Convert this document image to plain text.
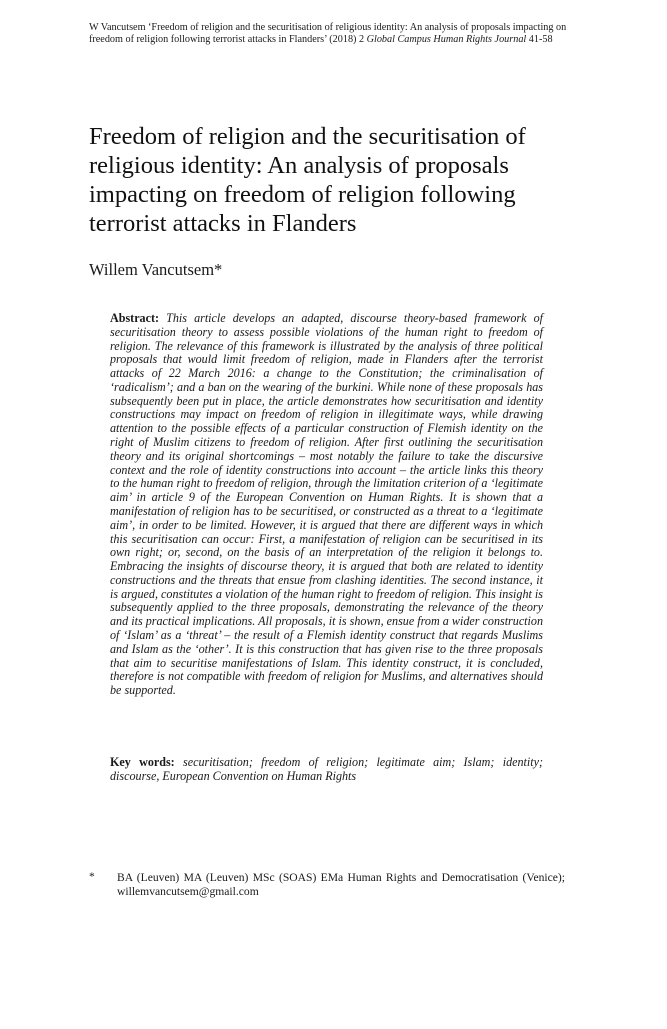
W Vancutsem ‘Freedom of religion and the securitisation of religious identity: An analysis of proposals impacting on freedom of religion following terrorist attacks in Flanders’ (2018) 2 Global Campus Human Rights Journal 41-58
Freedom of religion and the securitisation of religious identity: An analysis of proposals impacting on freedom of religion following terrorist attacks in Flanders
Willem Vancutsem*
Abstract: This article develops an adapted, discourse theory-based framework of securitisation theory to assess possible violations of the human right to freedom of religion. The relevance of this framework is illustrated by the analysis of three political proposals that would limit freedom of religion, made in Flanders after the terrorist attacks of 22 March 2016: a change to the Constitution; the criminalisation of ‘radicalism’; and a ban on the wearing of the burkini. While none of these proposals has subsequently been put in place, the article demonstrates how securitisation and identity constructions may impact on freedom of religion in illegitimate ways, while drawing attention to the possible effects of a particular construction of Flemish identity on the right of Muslim citizens to freedom of religion. After first outlining the securitisation theory and its original shortcomings – most notably the failure to take the discursive context and the role of identity constructions into account – the article links this theory to the human right to freedom of religion, through the limitation criterion of a ‘legitimate aim’ in article 9 of the European Convention on Human Rights. It is shown that a manifestation of religion has to be securitised, or constructed as a threat to a ‘legitimate aim’, in order to be limited. However, it is argued that there are different ways in which this securitisation can occur: First, a manifestation of religion can be securitised in its own right; or, second, on the basis of an interpretation of the religion it belongs to. Embracing the insights of discourse theory, it is argued that both are related to identity constructions and the threats that ensue from clashing identities. The second instance, it is argued, constitutes a violation of the human right to freedom of religion. This insight is subsequently applied to the three proposals, demonstrating the relevance of the theory and its practical implications. All proposals, it is shown, ensue from a wider construction of ‘Islam’ as a ‘threat’ – the result of a Flemish identity construct that regards Muslims and Islam as the ‘other’. It is this construction that has given rise to the three proposals that aim to securitise manifestations of Islam. This identity construct, it is concluded, therefore is not compatible with freedom of religion for Muslims, and alternatives should be supported.
Key words: securitisation; freedom of religion; legitimate aim; Islam; identity; discourse, European Convention on Human Rights
* BA (Leuven) MA (Leuven) MSc (SOAS) EMa Human Rights and Democratisation (Venice); willemvancutsem@gmail.com
